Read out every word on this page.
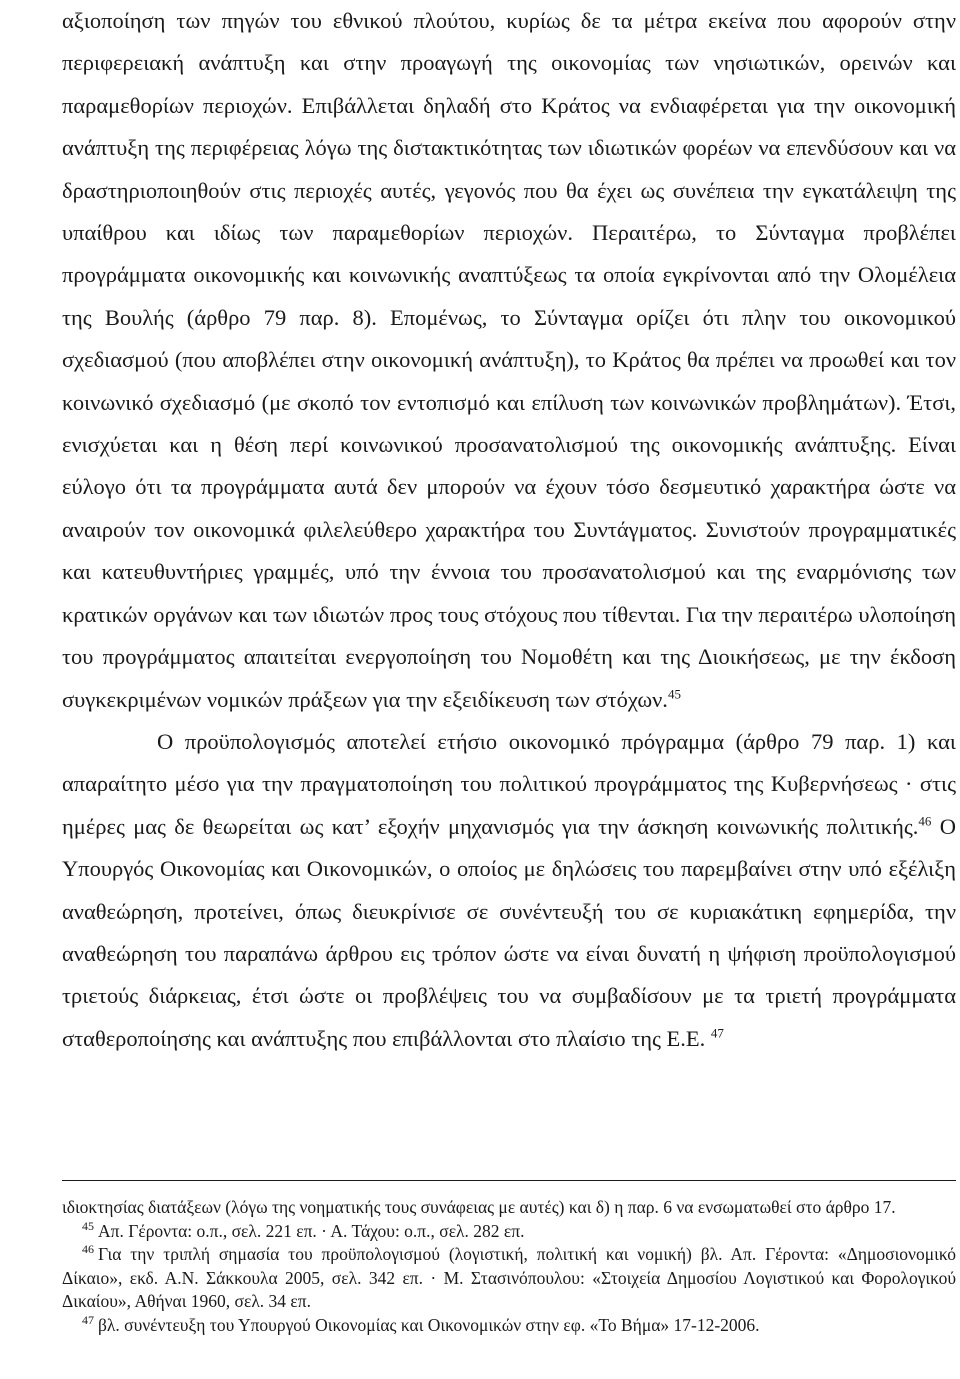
αξιοποίηση των πηγών του εθνικού πλούτου, κυρίως δε τα μέτρα εκείνα που αφορούν στην περιφερειακή ανάπτυξη και στην προαγωγή της οικονομίας των νησιωτικών, ορεινών και παραμεθορίων περιοχών. Επιβάλλεται δηλαδή στο Κράτος να ενδιαφέρεται για την οικονομική ανάπτυξη της περιφέρειας λόγω της διστακτικότητας των ιδιωτικών φορέων να επενδύσουν και να δραστηριοποιηθούν στις περιοχές αυτές, γεγονός που θα έχει ως συνέπεια την εγκατάλειψη της υπαίθρου και ιδίως των παραμεθορίων περιοχών. Περαιτέρω, το Σύνταγμα προβλέπει προγράμματα οικονομικής και κοινωνικής αναπτύξεως τα οποία εγκρίνονται από την Ολομέλεια της Βουλής (άρθρο 79 παρ. 8). Επομένως, το Σύνταγμα ορίζει ότι πλην του οικονομικού σχεδιασμού (που αποβλέπει στην οικονομική ανάπτυξη), το Κράτος θα πρέπει να προωθεί και τον κοινωνικό σχεδιασμό (με σκοπό τον εντοπισμό και επίλυση των κοινωνικών προβλημάτων). Έτσι, ενισχύεται και η θέση περί κοινωνικού προσανατολισμού της οικονομικής ανάπτυξης. Είναι εύλογο ότι τα προγράμματα αυτά δεν μπορούν να έχουν τόσο δεσμευτικό χαρακτήρα ώστε να αναιρούν τον οικονομικά φιλελεύθερο χαρακτήρα του Συντάγματος. Συνιστούν προγραμματικές και κατευθυντήριες γραμμές, υπό την έννοια του προσανατολισμού και της εναρμόνισης των κρατικών οργάνων και των ιδιωτών προς τους στόχους που τίθενται. Για την περαιτέρω υλοποίηση του προγράμματος απαιτείται ενεργοποίηση του Νομοθέτη και της Διοικήσεως, με την έκδοση συγκεκριμένων νομικών πράξεων για την εξειδίκευση των στόχων.$^{45}$

Ο προϋπολογισμός αποτελεί ετήσιο οικονομικό πρόγραμμα (άρθρο 79 παρ. 1) και απαραίτητο μέσο για την πραγματοποίηση του πολιτικού προγράμματος της Κυβερνήσεως · στις ημέρες μας δε θεωρείται ως κατ’ εξοχήν μηχανισμός για την άσκηση κοινωνικής πολιτικής.$^{46}$ Ο Υπουργός Οικονομίας και Οικονομικών, ο οποίος με δηλώσεις του παρεμβαίνει στην υπό εξέλιξη αναθεώρηση, προτείνει, όπως διευκρίνισε σε συνέντευξή του σε κυριακάτικη εφημερίδα, την αναθεώρηση του παραπάνω άρθρου εις τρόπον ώστε να είναι δυνατή η ψήφιση προϋπολογισμού τριετούς διάρκειας, έτσι ώστε οι προβλέψεις του να συμβαδίσουν με τα τριετή προγράμματα σταθεροποίησης και ανάπτυξης που επιβάλλονται στο πλαίσιο της Ε.Ε. $^{47}$

ιδιοκτησίας διατάξεων (λόγω της νοηματικής τους συνάφειας με αυτές) και δ) η παρ. 6 να ενσωματωθεί στο άρθρο 17.

$^{45}$ Απ. Γέροντα: ο.π., σελ. 221 επ. · Α. Τάχου: ο.π., σελ. 282 επ.

$^{46}$ Για την τριπλή σημασία του προϋπολογισμού (λογιστική, πολιτική και νομική) βλ. Απ. Γέροντα: «Δημοσιονομικό Δίκαιο», εκδ. Α.Ν. Σάκκουλα 2005, σελ. 342 επ. · Μ. Στασινόπουλου: «Στοιχεία Δημοσίου Λογιστικού και Φορολογικού Δικαίου», Αθήναι 1960, σελ. 34 επ.

$^{47}$ βλ. συνέντευξη του Υπουργού Οικονομίας και Οικονομικών στην εφ. «Το Βήμα» 17-12-2006.
